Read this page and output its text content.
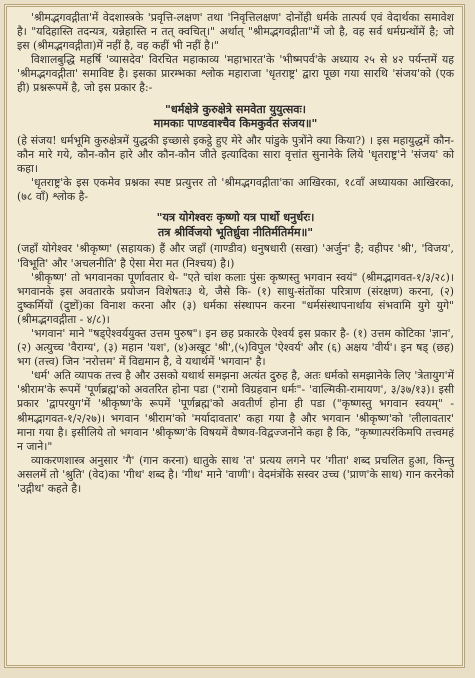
'श्रीमद्भगवद्गीता'में वेदशास्त्रके 'प्रवृत्ति-लक्षण' तथा 'निवृत्तिलक्षण' दोनोंही धर्मके तात्पर्य एवं वेदार्थका समावेश है। "यदिहास्ति तदन्यत्र, यन्नेहास्ति न तत् क्वचित्।" अर्थात् "श्रीमद्भगवद्गीता"में जो है, वह सर्व धर्मग्रन्थोंमें है; जो इस (श्रीमद्भगवद्गीता)में नहीं है, वह कहीं भी नहीं है।"

विशालबुद्धि महर्षि 'व्यासदेव' विरचित महाकाव्य 'महाभारत'के 'भीष्मपर्व'के अध्याय २५ से ४२ पर्यन्तमें यह 'श्रीमद्भगवद्गीता' समाविष्ट है। इसका प्रारम्भका श्लोक महाराजा 'धृतराष्ट्र' द्वारा पूछा गया सारथि 'संजय'को (एक ही) प्रश्नरूपमें है, जो इस प्रकार है:-

"धर्मक्षेत्रे कुरुक्षेत्रे समवेता युयुत्सवः।
मामकाः पाण्डवाश्चैव किमकुर्वत संजय॥"

(हे संजय! धर्मभूमि कुरुक्षेत्रमें युद्धकी इच्छासे इकट्ठे हुए मेरे और पांडुके पुत्रोंने क्या किया?) । इस महायुद्धमें कौन-कौन मारे गये, कौन-कौन हारे और कौन-कौन जीते इत्यादिका सारा वृत्तांत सुनानेके लिये 'धृतराष्ट्र'ने 'संजय' को कहा।

'धृतराष्ट्र'के इस एकमेव प्रश्नका स्पष्ट प्रत्युत्तर तो 'श्रीमद्भगवद्गीता'का आखिरका, १८वाँ अध्यायका आखिरका, (७८ वाँ) श्लोक है-

"यत्र योगेश्वरः कृष्णो यत्र पार्थो धनुर्धरः।
तत्र श्रीर्विजयो भूतिर्ध्रुवा नीतिर्मतिर्मम॥"

(जहाँ योगेश्वर 'श्रीकृष्ण' (सहायक) हैं और जहाँ (गाण्डीव) धनुषधारी (सखा) 'अर्जुन' है; वहीपर 'श्री', 'विजय', 'विभूति' और 'अचलनीति' है ऐसा मेरा मत (निश्चय) है।)

'श्रीकृष्ण' तो भगवानका पूर्णावतार थे- "एते चांश कलाः पुंसः कृष्णस्तु भगवान स्वयं" (श्रीमद्भागवत-१/३/२८)। भगवानके इस अवतारके प्रयोजन विशेषतः३ थे, जैसे कि- (१) साधु-संतोंका परित्राण (संरक्षण) करना, (२) दुष्कर्मियों (दुष्टों)का विनाश करना और (३) धर्मका संस्थापन करना "धर्मसंस्थापनार्थाय संभवामि युगे युगे" (श्रीमद्भगवद्गीता - ४/८)।

'भगवान' माने "षड्ऐश्वर्ययुक्त उत्तम पुरुष"। इन छह प्रकारके ऐश्वर्य इस प्रकार है- (१) उत्तम कोटिका 'ज्ञान', (२) अत्युच्च 'वैराग्य', (३) महान 'यश', (४)अखूट 'श्री',(५)विपुल 'ऐश्वर्य' और (६) अक्षय 'वीर्य'। इन षड् (छह) भग (तत्त्व) जिन 'नरोत्तम' में विद्यमान है, वे यथार्थमें 'भगवान' है।

'धर्म' अति व्यापक तत्त्व है और उसको यथार्थ समझना अत्यंत दुरुह है, अतः धर्मको समझानेके लिए 'त्रेतायुग'में 'श्रीराम'के रूपमें 'पूर्णब्रह्म'को अवतरित होना पडा ("रामो विग्रहवान धर्मः"- 'वाल्मिकी-रामायण', ३/३७/१३)। इसी प्रकार 'द्वापरयुग'में 'श्रीकृष्ण'के रूपमें 'पूर्णब्रह्म'को अवतीर्ण होना ही पडा ("कृष्णस्तु भगवान स्वयम्" - श्रीमद्भागवत-१/२/२७)। भगवान 'श्रीराम'को 'मर्यादावतार' कहा गया है और भगवान 'श्रीकृष्ण'को 'लीलावतार' माना गया है। इसीलिये तो भगवान 'श्रीकृष्ण'के विषयमें वैष्णव-विद्वज्जनोंने कहा है कि, "कृष्णात्परंकिमपि तत्त्वमहं न जाने।"

व्याकरणशास्त्र अनुसार 'गै' (गान करना) धातुके साथ 'त' प्रत्यय लगने पर 'गीता' शब्द प्रचलित हुआ, किन्तु असलमें तो 'श्रुति' (वेद)का 'गीथ' शब्द है। 'गीथ' माने 'वाणी'। वेदमंत्रोंके सस्वर उच्च ('प्राण'के साथ) गान करनेको 'उद्गीथ' कहते है।
